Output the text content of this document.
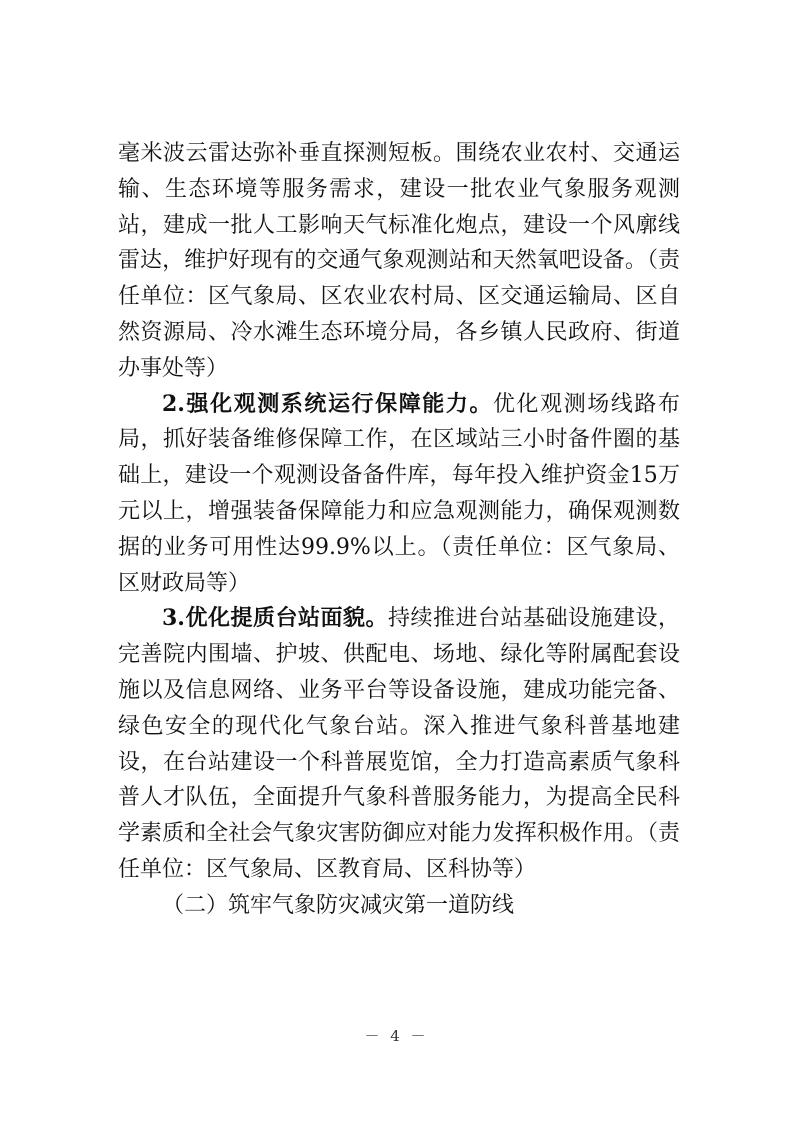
毫米波云雷达弥补垂直探测短板。围绕农业农村、交通运输、生态环境等服务需求，建设一批农业气象服务观测站，建成一批人工影响天气标准化炮点，建设一个风廓线雷达，维护好现有的交通气象观测站和天然氧吧设备。（责任单位：区气象局、区农业农村局、区交通运输局、区自然资源局、冷水滩生态环境分局，各乡镇人民政府、街道办事处等）

2.强化观测系统运行保障能力。优化观测场线路布局，抓好装备维修保障工作，在区域站三小时备件圈的基础上，建设一个观测设备备件库，每年投入维护资金15万元以上，增强装备保障能力和应急观测能力，确保观测数据的业务可用性达99.9%以上。（责任单位：区气象局、区财政局等）

3.优化提质台站面貌。持续推进台站基础设施建设，完善院内围墙、护坡、供配电、场地、绿化等附属配套设施以及信息网络、业务平台等设备设施，建成功能完备、绿色安全的现代化气象台站。深入推进气象科普基地建设，在台站建设一个科普展览馆，全力打造高素质气象科普人才队伍，全面提升气象科普服务能力，为提高全民科学素质和全社会气象灾害防御应对能力发挥积极作用。（责任单位：区气象局、区教育局、区科协等）

（二）筑牢气象防灾减灾第一道防线

－ 4 －
